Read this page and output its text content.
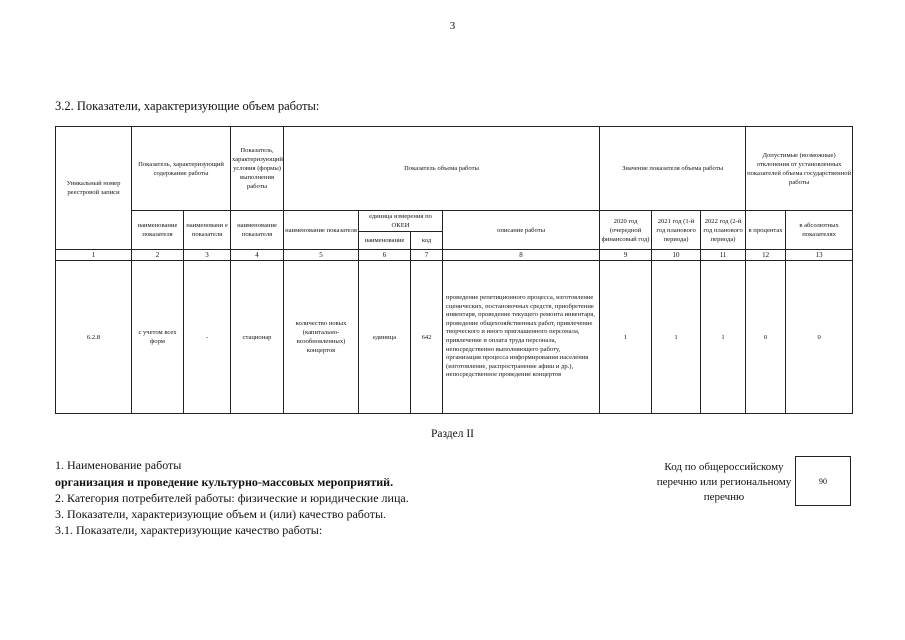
3
3.2. Показатели, характеризующие объем работы:
Уникальный номер реестровой записи	Показатель, характеризующий содержание работы		Показатель, характеризующий условия (формы) выполнения работы	Показатель объема работы				Значение показателя объема работы			Допустимые (возможные) отклонения от установленных показателей объема государственной работы	
	наименование показателя	наименовани е показателя	наименование показателя	наименование показателя	единица измерения по ОКЕИ		описание работы	2020 год (очередной финансовый год)	2021 год (1-й год планового периода)	2022 год (2-й год планового периода)	в процентах	в абсолютных показателях
					наименование	код						
1	2	3	4	5	6	7	8	9	10	11	12	13
6.2.8	с учетом всех форм	-	стационар	количество новых (капитально-возобновленных) концертов	единица	642	проведение репетиционного процесса, изготовление сценических, постановочных средств, приобретение инвентаря, проведение текущего ремонта инвентаря, проведение общехозяйственных работ, привлечение творческого и иного приглашенного персонала, привлечение и оплата труда персонала, непосредственно выполняющего работу, организация процесса информирования населения (изготовление, распространение афиш и др.), непосредственное проведение концертов	1	1	1	0	0
Раздел II
1. Наименование работы
организация и проведение культурно-массовых мероприятий.
2. Категория потребителей работы: физические и юридические лица.
3. Показатели, характеризующие объем и (или) качество работы.
3.1. Показатели, характеризующие качество работы:
Код по общероссийскому перечню или региональному перечню
90
